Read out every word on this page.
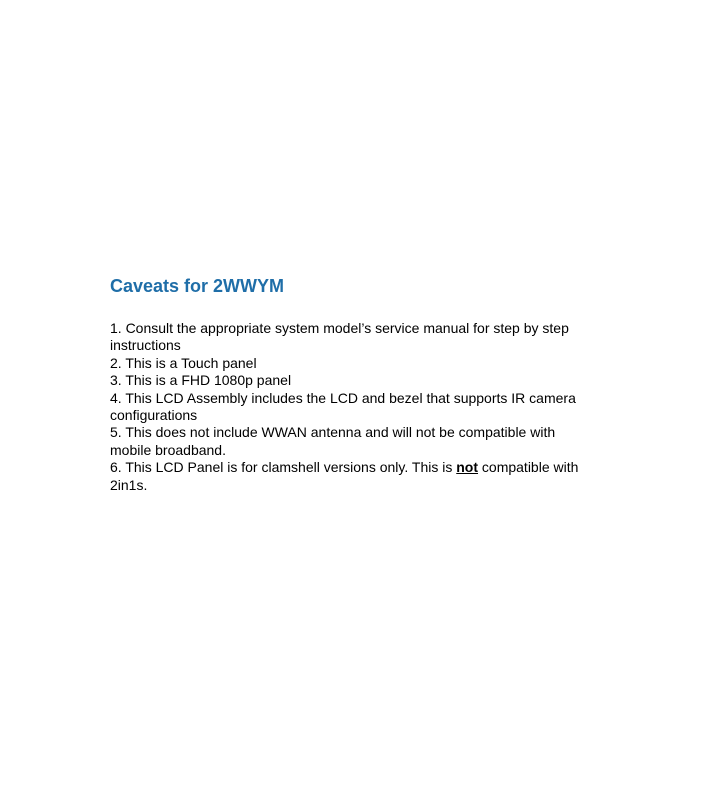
Caveats for 2WWYM
1. Consult the appropriate system model’s service manual for step by step instructions
2. This is a Touch panel
3. This is a FHD 1080p panel
4. This LCD Assembly includes the LCD and bezel that supports IR camera configurations
5. This does not include WWAN antenna and will not be compatible with mobile broadband.
6. This LCD Panel is for clamshell versions only. This is not compatible with 2in1s.
